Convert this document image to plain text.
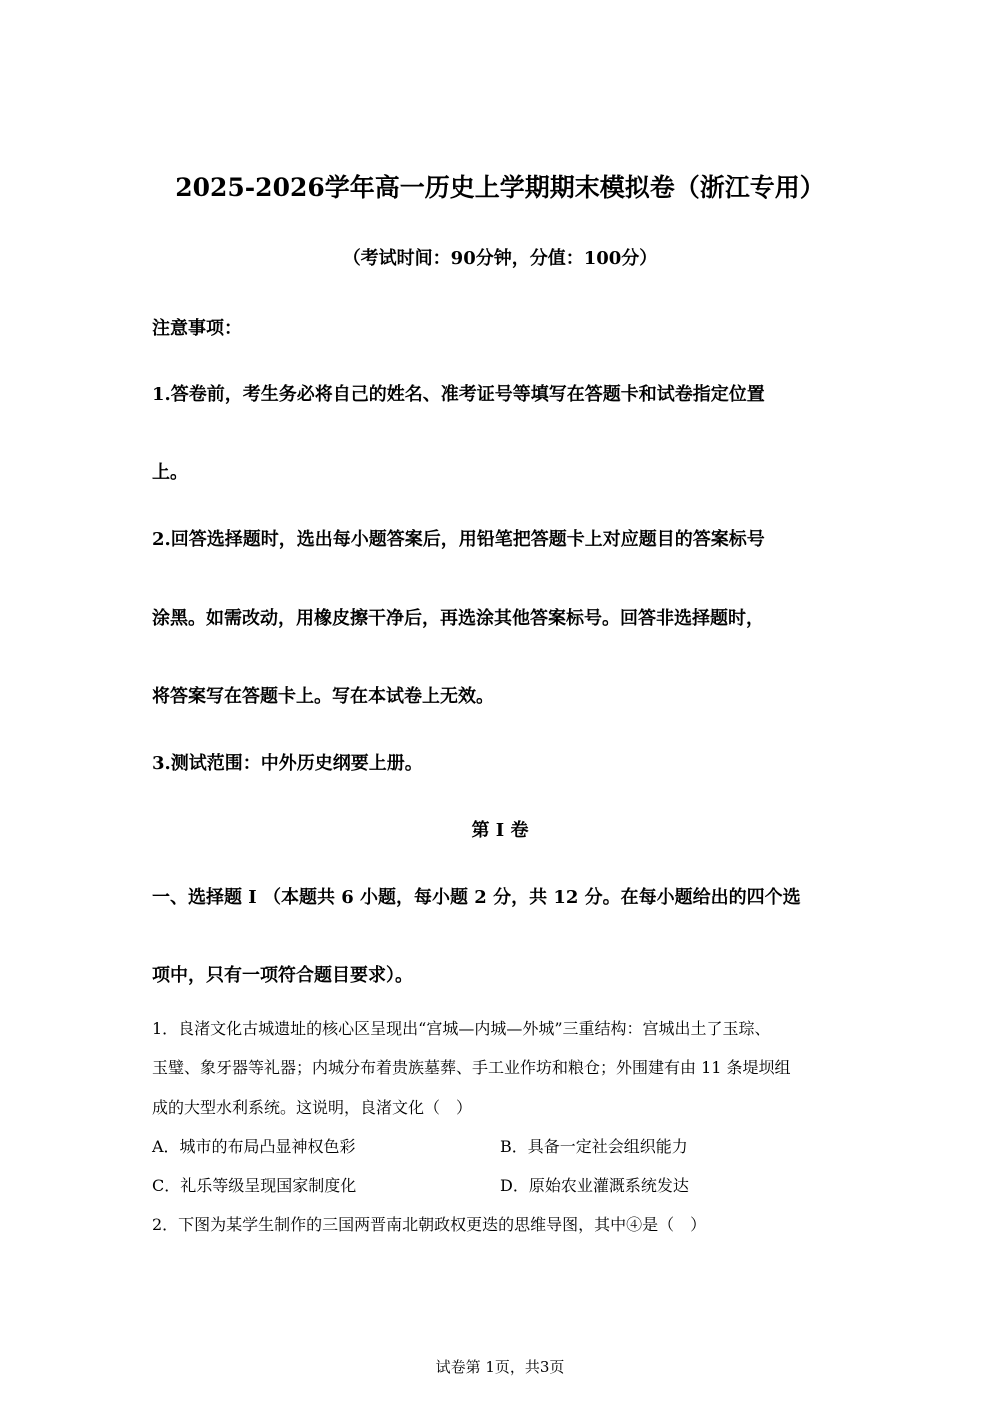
2025-2026学年高一历史上学期期末模拟卷（浙江专用）

（考试时间：90分钟，分值：100分）

注意事项：

1.答卷前，考生务必将自己的姓名、准考证号等填写在答题卡和试卷指定位置

上。

2.回答选择题时，选出每小题答案后，用铅笔把答题卡上对应题目的答案标号

涂黑。如需改动，用橡皮擦干净后，再选涂其他答案标号。回答非选择题时，

将答案写在答题卡上。写在本试卷上无效。

3.测试范围：中外历史纲要上册。

第 I 卷

一、选择题 I （本题共 6 小题，每小题 2 分，共 12 分。在每小题给出的四个选

项中，只有一项符合题目要求）。

1．良渚文化古城遗址的核心区呈现出“宫城—内城—外城”三重结构：宫城出土了玉琮、

玉璧、象牙器等礼器；内城分布着贵族墓葬、手工业作坊和粮仓；外围建有由 11 条堤坝组

成的大型水利系统。这说明，良渚文化（　）

A．城市的布局凸显神权色彩	B．具备一定社会组织能力

C．礼乐等级呈现国家制度化	D．原始农业灌溉系统发达

2．下图为某学生制作的三国两晋南北朝政权更迭的思维导图，其中④是（　）

试卷第 1页，共3页
